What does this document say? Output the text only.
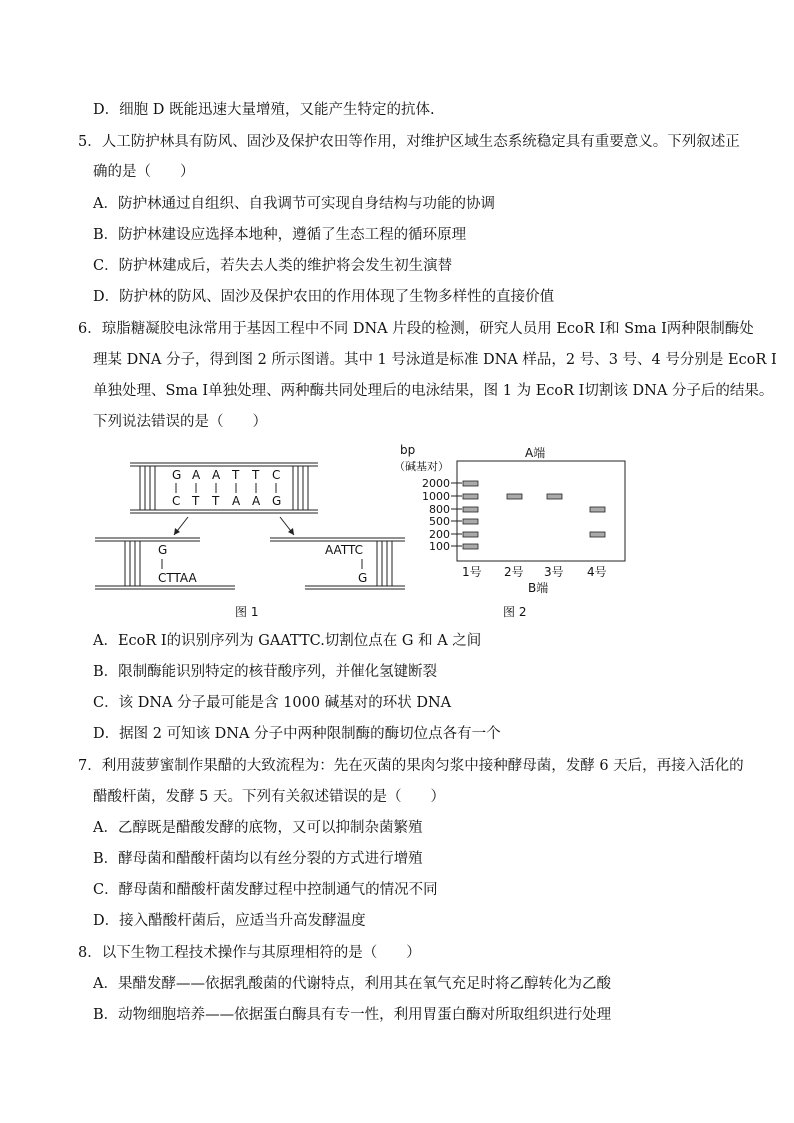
D．细胞 D 既能迅速大量增殖，又能产生特定的抗体.
5．人工防护林具有防风、固沙及保护农田等作用，对维护区域生态系统稳定具有重要意义。下列叙述正
确的是（　　）
A．防护林通过自组织、自我调节可实现自身结构与功能的协调
B．防护林建设应选择本地种，遵循了生态工程的循环原理
C．防护林建成后，若失去人类的维护将会发生初生演替
D．防护林的防风、固沙及保护农田的作用体现了生物多样性的直接价值
6．琼脂糖凝胶电泳常用于基因工程中不同 DNA 片段的检测，研究人员用 EcoR Ⅰ和 Sma Ⅰ两种限制酶处
理某 DNA 分子，得到图 2 所示图谱。其中 1 号泳道是标准 DNA 样品，2 号、3 号、4 号分别是 EcoR Ⅰ
单独处理、Sma Ⅰ单独处理、两种酶共同处理后的电泳结果，图 1 为 EcoR Ⅰ切割该 DNA 分子后的结果。
下列说法错误的是（　　）
G A A T T C
C T T A A G
G
CTTAA
AATTC
G
图 1
bp
（碱基对）
A端
2000
1000
800
500
200
100
1号 2号 3号 4号
B端
图 2
A．EcoR Ⅰ的识别序列为 GAATTC.切割位点在 G 和 A 之间
B．限制酶能识别特定的核苷酸序列，并催化氢键断裂
C．该 DNA 分子最可能是含 1000 碱基对的环状 DNA
D．据图 2 可知该 DNA 分子中两种限制酶的酶切位点各有一个
7．利用菠萝蜜制作果醋的大致流程为：先在灭菌的果肉匀浆中接种酵母菌，发酵 6 天后，再接入活化的
醋酸杆菌，发酵 5 天。下列有关叙述错误的是（　　）
A．乙醇既是醋酸发酵的底物，又可以抑制杂菌繁殖
B．酵母菌和醋酸杆菌均以有丝分裂的方式进行增殖
C．酵母菌和醋酸杆菌发酵过程中控制通气的情况不同
D．接入醋酸杆菌后，应适当升高发酵温度
8．以下生物工程技术操作与其原理相符的是（　　）
A．果醋发酵——依据乳酸菌的代谢特点，利用其在氧气充足时将乙醇转化为乙酸
B．动物细胞培养——依据蛋白酶具有专一性，利用胃蛋白酶对所取组织进行处理
